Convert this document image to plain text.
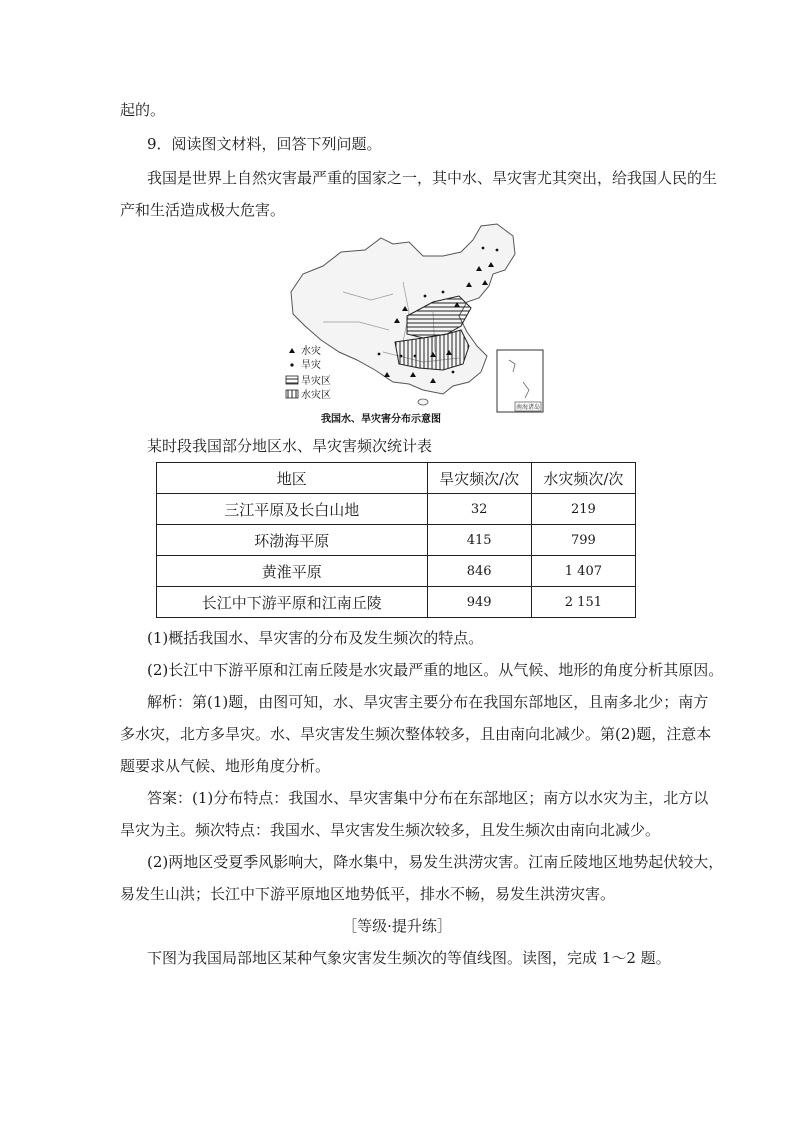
起的。
9．阅读图文材料，回答下列问题。
我国是世界上自然灾害最严重的国家之一，其中水、旱灾害尤其突出，给我国人民的生
产和生活造成极大危害。
南海诸岛
水灾
旱灾
旱灾区
水灾区
我国水、旱灾害分布示意图
某时段我国部分地区水、旱灾害频次统计表
地区	旱灾频次/次	水灾频次/次
三江平原及长白山地	32	219
环渤海平原	415	799
黄淮平原	846	1 407
长江中下游平原和江南丘陵	949	2 151
(1)概括我国水、旱灾害的分布及发生频次的特点。
(2)长江中下游平原和江南丘陵是水灾最严重的地区。从气候、地形的角度分析其原因。
解析：第(1)题，由图可知，水、旱灾害主要分布在我国东部地区，且南多北少；南方
多水灾，北方多旱灾。水、旱灾害发生频次整体较多，且由南向北减少。第(2)题，注意本
题要求从气候、地形角度分析。
答案：(1)分布特点：我国水、旱灾害集中分布在东部地区；南方以水灾为主，北方以
旱灾为主。频次特点：我国水、旱灾害发生频次较多，且发生频次由南向北减少。
(2)两地区受夏季风影响大，降水集中，易发生洪涝灾害。江南丘陵地区地势起伏较大，
易发生山洪；长江中下游平原地区地势低平，排水不畅，易发生洪涝灾害。
［等级·提升练］
下图为我国局部地区某种气象灾害发生频次的等值线图。读图，完成 1～2 题。
